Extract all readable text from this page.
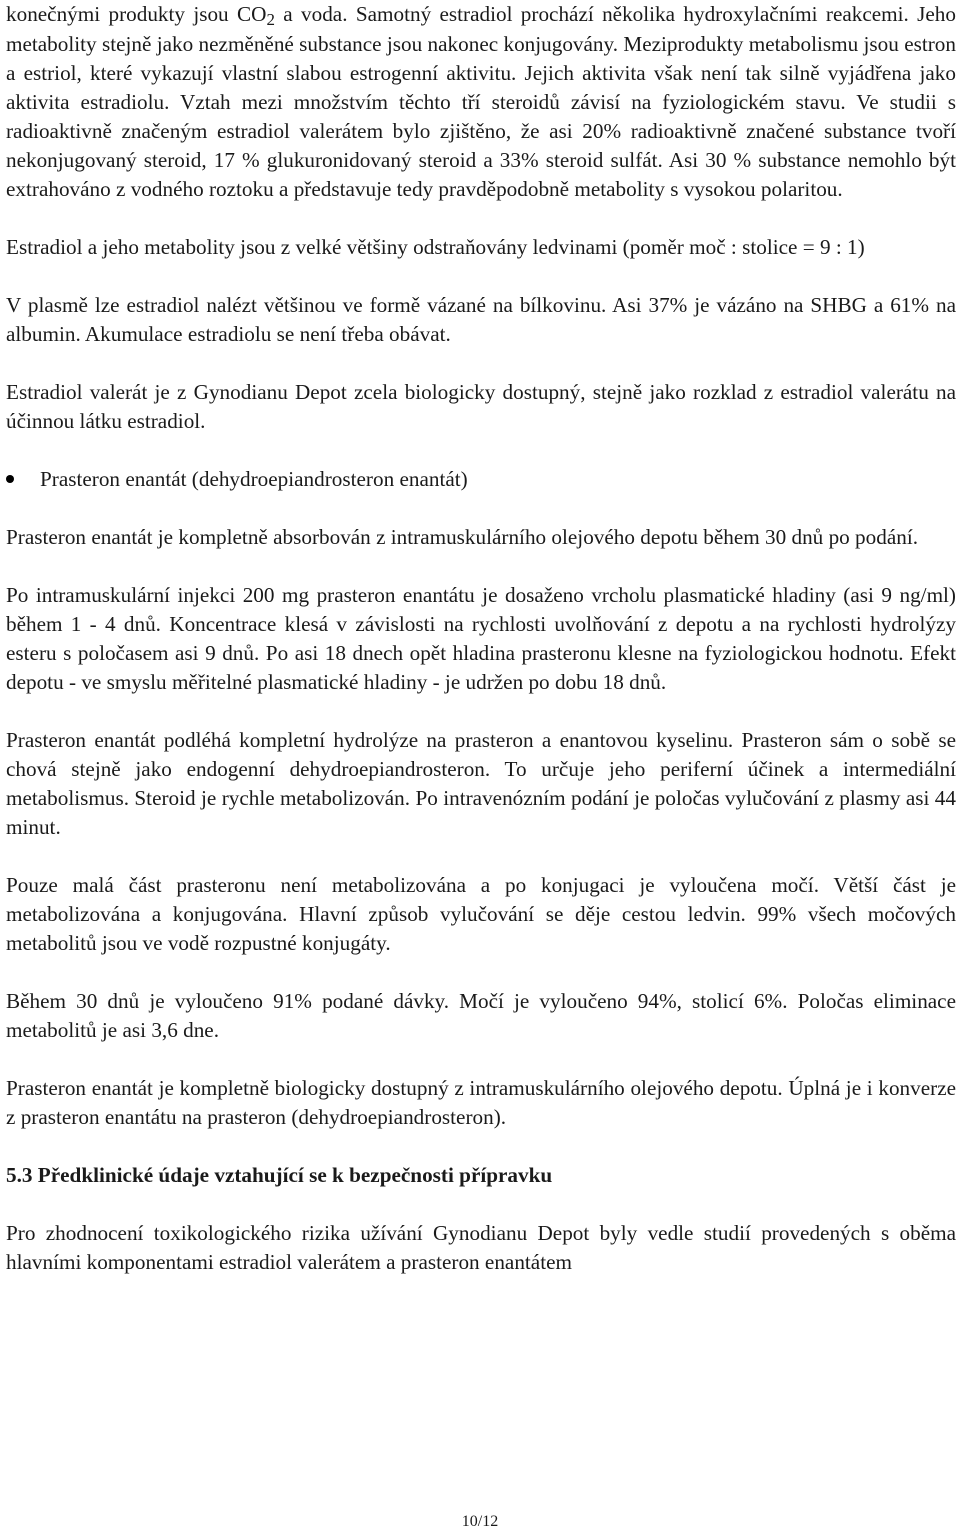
konečnými produkty jsou $CO_2$ a voda. Samotný estradiol prochází několika hydroxylačními reakcemi. Jeho metabolity stejně jako nezměněné substance jsou nakonec konjugovány. Meziprodukty metabolismu jsou estron a estriol, které vykazují vlastní slabou estrogenní aktivitu. Jejich aktivita však není tak silně vyjádřena jako aktivita estradiolu. Vztah mezi množstvím těchto tří steroidů závisí na fyziologickém stavu. Ve studii s radioaktivně značeným estradiol valerátem bylo zjištěno, že asi 20% radioaktivně značené substance tvoří nekonjugovaný steroid, 17 % glukuronidovaný steroid a 33% steroid sulfát. Asi 30 % substance nemohlo být extrahováno z vodného roztoku a představuje tedy pravděpodobně metabolity s vysokou polaritou.

Estradiol a jeho metabolity jsou z velké většiny odstraňovány ledvinami (poměr moč : stolice = 9 : 1)

V plasmě lze estradiol nalézt většinou ve formě vázané na bílkovinu. Asi 37% je vázáno na SHBG a 61% na albumin. Akumulace estradiolu se není třeba obávat.

Estradiol valerát je z Gynodianu Depot zcela biologicky dostupný, stejně jako rozklad z estradiol valerátu na účinnou látku estradiol.

Prasteron enantát (dehydroepiandrosteron enantát)

Prasteron enantát je kompletně absorbován z intramuskulárního olejového depotu během 30 dnů po podání.

Po intramuskulární injekci 200 mg prasteron enantátu je dosaženo vrcholu plasmatické hladiny (asi 9 ng/ml) během 1 - 4 dnů. Koncentrace klesá v závislosti na rychlosti uvolňování z depotu a na rychlosti hydrolýzy esteru s poločasem asi 9 dnů. Po asi 18 dnech opět hladina prasteronu klesne na fyziologickou hodnotu. Efekt depotu - ve smyslu měřitelné plasmatické hladiny - je udržen po dobu 18 dnů.

Prasteron enantát podléhá kompletní hydrolýze na prasteron a enantovou kyselinu. Prasteron sám o sobě se chová stejně jako endogenní dehydroepiandrosteron. To určuje jeho periferní účinek a intermediální metabolismus. Steroid je rychle metabolizován. Po intravenózním podání je poločas vylučování z plasmy asi 44 minut.

Pouze malá část prasteronu není metabolizována a po konjugaci je vyloučena močí. Větší část je metabolizována a konjugována. Hlavní způsob vylučování se děje cestou ledvin. 99% všech močových metabolitů jsou ve vodě rozpustné konjugáty.

Během 30 dnů je vyloučeno 91% podané dávky. Močí je vyloučeno 94%, stolicí 6%. Poločas eliminace metabolitů je asi 3,6 dne.

Prasteron enantát je kompletně biologicky dostupný z intramuskulárního olejového depotu. Úplná je i konverze z prasteron enantátu na prasteron (dehydroepiandrosteron).

5.3 Předklinické údaje vztahující se k bezpečnosti přípravku

Pro zhodnocení toxikologického rizika užívání Gynodianu Depot byly vedle studií provedených s oběma hlavními komponentami estradiol valerátem a prasteron enantátem

10/12
